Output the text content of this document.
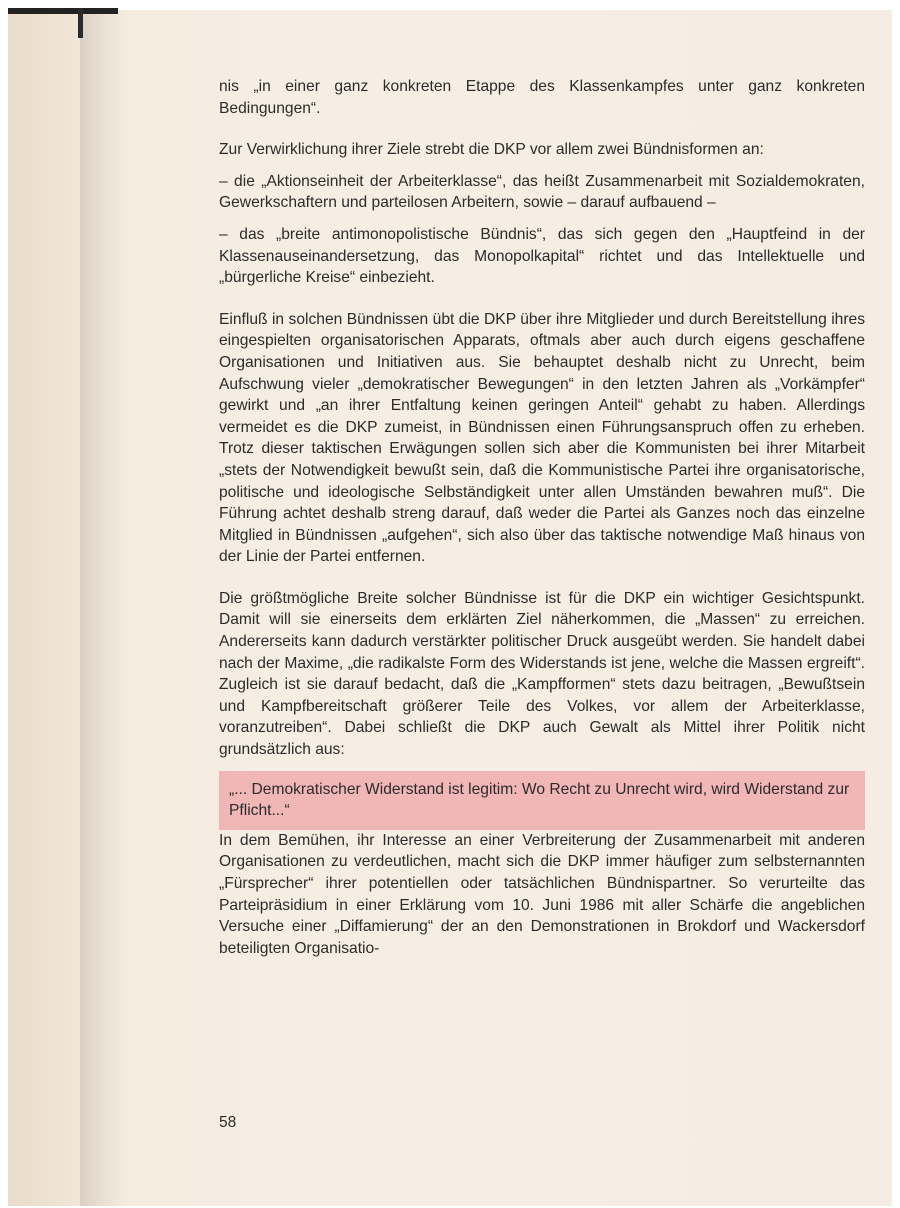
nis „in einer ganz konkreten Etappe des Klassenkampfes unter ganz konkreten Bedingungen“.

Zur Verwirklichung ihrer Ziele strebt die DKP vor allem zwei Bündnisformen an:

– die „Aktionseinheit der Arbeiterklasse“, das heißt Zusammenarbeit mit Sozialdemokraten, Gewerkschaftern und parteilosen Arbeitern, sowie – darauf aufbauend –

– das „breite antimonopolistische Bündnis“, das sich gegen den „Hauptfeind in der Klassenauseinandersetzung, das Monopolkapital“ richtet und das Intellektuelle und „bürgerliche Kreise“ einbezieht.

Einfluß in solchen Bündnissen übt die DKP über ihre Mitglieder und durch Bereitstellung ihres eingespielten organisatorischen Apparats, oftmals aber auch durch eigens geschaffene Organisationen und Initiativen aus. Sie behauptet deshalb nicht zu Unrecht, beim Aufschwung vieler „demokratischer Bewegungen“ in den letzten Jahren als „Vorkämpfer“ gewirkt und „an ihrer Entfaltung keinen geringen Anteil“ gehabt zu haben. Allerdings vermeidet es die DKP zumeist, in Bündnissen einen Führungsanspruch offen zu erheben. Trotz dieser taktischen Erwägungen sollen sich aber die Kommunisten bei ihrer Mitarbeit „stets der Notwendigkeit bewußt sein, daß die Kommunistische Partei ihre organisatorische, politische und ideologische Selbständigkeit unter allen Umständen bewahren muß“. Die Führung achtet deshalb streng darauf, daß weder die Partei als Ganzes noch das einzelne Mitglied in Bündnissen „aufgehen“, sich also über das taktische notwendige Maß hinaus von der Linie der Partei entfernen.

Die größtmögliche Breite solcher Bündnisse ist für die DKP ein wichtiger Gesichtspunkt. Damit will sie einerseits dem erklärten Ziel näherkommen, die „Massen“ zu erreichen. Andererseits kann dadurch verstärkter politischer Druck ausgeübt werden. Sie handelt dabei nach der Maxime, „die radikalste Form des Widerstands ist jene, welche die Massen ergreift“. Zugleich ist sie darauf bedacht, daß die „Kampfformen“ stets dazu beitragen, „Bewußtsein und Kampfbereitschaft größerer Teile des Volkes, vor allem der Arbeiterklasse, voranzutreiben“. Dabei schließt die DKP auch Gewalt als Mittel ihrer Politik nicht grundsätzlich aus:

„... Demokratischer Widerstand ist legitim: Wo Recht zu Unrecht wird, wird Widerstand zur Pflicht...“

In dem Bemühen, ihr Interesse an einer Verbreiterung der Zusammenarbeit mit anderen Organisationen zu verdeutlichen, macht sich die DKP immer häufiger zum selbsternannten „Fürsprecher“ ihrer potentiellen oder tatsächlichen Bündnispartner. So verurteilte das Parteipräsidium in einer Erklärung vom 10. Juni 1986 mit aller Schärfe die angeblichen Versuche einer „Diffamierung“ der an den Demonstrationen in Brokdorf und Wackersdorf beteiligten Organisatio-

58
